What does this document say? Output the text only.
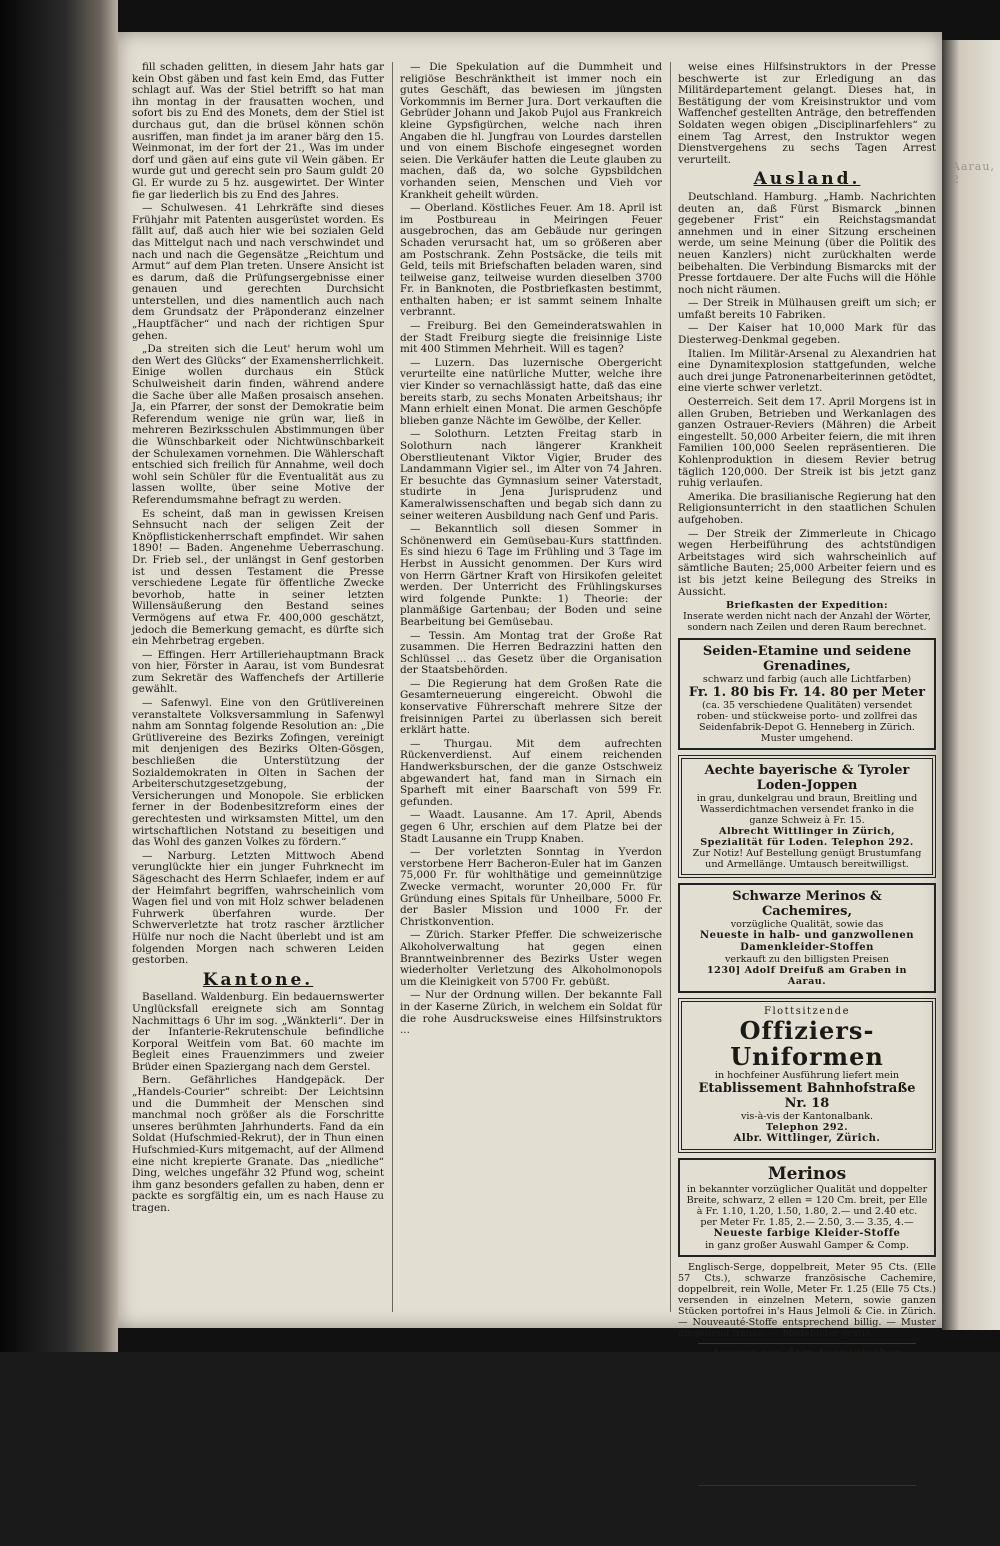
fill schaden gelitten, in diesem Jahr hats gar kein Obst gäben und fast kein Emd, das Futter schlagt auf. Was der Stiel betrifft so hat man ihn montag in der frausatten wochen, und sofort bis zu End des Monets, dem der Stiel ist durchaus gut, dan die brüsel können schön ausriffen, man findet ja im araner bärg den 15. Weinmonat, im der fort der 21., Was im under dorf und gäen auf eins gute vil Wein gäben. Er wurde gut und gerecht sein pro Saum guldt 20 Gl. Er wurde zu 5 hz. ausgewirtet. Der Winter fie gar liederlich bis zu End des Jahres.

— Schulwesen. 41 Lehrkräfte sind dieses Frühjahr mit Patenten ausgerüstet worden. Es fällt auf, daß auch hier wie bei sozialen Geld das Mittelgut nach und nach verschwindet und nach und nach die Gegensätze „Reichtum und Armut“ auf dem Plan treten. Unsere Ansicht ist es darum, daß die Prüfungsergebnisse einer genauen und gerechten Durchsicht unterstellen, und dies namentlich auch nach dem Grundsatz der Präponderanz einzelner „Hauptfächer“ und nach der richtigen Spur gehen.

„Da streiten sich die Leut' herum wohl um den Wert des Glücks“ der Examensherrlichkeit. Einige wollen durchaus ein Stück Schulweisheit darin finden, während andere die Sache über alle Maßen prosaisch ansehen. Ja, ein Pfarrer, der sonst der Demokratie beim Referendum wenige nie grün war, ließ in mehreren Bezirksschulen Abstimmungen über die Wünschbarkeit oder Nichtwünschbarkeit der Schulexamen vornehmen. Die Wählerschaft entschied sich freilich für Annahme, weil doch wohl sein Schüler für die Eventualität aus zu lassen wollte, über seine Motive der Referendumsmahne befragt zu werden.

Es scheint, daß man in gewissen Kreisen Sehnsucht nach der seligen Zeit der Knöpflistickenherrschaft empfindet. Wir sahen 1890! — Baden. Angenehme Ueberraschung. Dr. Frieb sel., der unlängst in Genf gestorben ist und dessen Testament die Presse verschiedene Legate für öffentliche Zwecke bevorhob, hatte in seiner letzten Willensäußerung den Bestand seines Vermögens auf etwa Fr. 400,000 geschätzt, jedoch die Bemerkung gemacht, es dürfte sich ein Mehrbetrag ergeben.

— Effingen. Herr Artilleriehauptmann Brack von hier, Förster in Aarau, ist vom Bundesrat zum Sekretär des Waffenchefs der Artillerie gewählt.

— Safenwyl. Eine von den Grütlivereinen veranstaltete Volksversammlung in Safenwyl nahm am Sonntag folgende Resolution an: „Die Grütlivereine des Bezirks Zofingen, vereinigt mit denjenigen des Bezirks Olten-Gösgen, beschließen die Unterstützung der Sozialdemokraten in Olten in Sachen der Arbeiterschutzgesetzgebung, der Versicherungen und Monopole. Sie erblicken ferner in der Bodenbesitzreform eines der gerechtesten und wirksamsten Mittel, um den wirtschaftlichen Notstand zu beseitigen und das Wohl des ganzen Volkes zu fördern.“

— Narburg. Letzten Mittwoch Abend verunglückte hier ein junger Fuhrknecht im Sägeschacht des Herrn Schlaefer, indem er auf der Heimfahrt begriffen, wahrscheinlich vom Wagen fiel und von mit Holz schwer beladenen Fuhrwerk überfahren wurde. Der Schwerverletzte hat trotz rascher ärztlicher Hülfe nur noch die Nacht überlebt und ist am folgenden Morgen nach schweren Leiden gestorben.

Kantone.

Baselland. Waldenburg. Ein bedauernswerter Unglücksfall ereignete sich am Sonntag Nachmittags 6 Uhr im sog. „Wänkterli“. Der in der Infanterie-Rekrutenschule befindliche Korporal Weitfein vom Bat. 60 machte im Begleit eines Frauenzimmers und zweier Brüder einen Spaziergang nach dem Gerstel.

Bern. Gefährliches Handgepäck. Der „Handels-Courier“ schreibt: Der Leichtsinn und die Dummheit der Menschen sind manchmal noch größer als die Forschritte unseres berühmten Jahrhunderts. Fand da ein Soldat (Hufschmied-Rekrut), der in Thun einen Hufschmied-Kurs mitgemacht, auf der Allmend eine nicht krepierte Granate. Das „niedliche“ Ding, welches ungefähr 32 Pfund wog, scheint ihm ganz besonders gefallen zu haben, denn er packte es sorgfältig ein, um es nach Hause zu tragen.

— Die Spekulation auf die Dummheit und religiöse Beschränktheit ist immer noch ein gutes Geschäft, das bewiesen im jüngsten Vorkommnis im Berner Jura. Dort verkauften die Gebrüder Johann und Jakob Pujol aus Frankreich kleine Gypsfigürchen, welche nach ihren Angaben die hl. Jungfrau von Lourdes darstellen und von einem Bischofe eingesegnet worden seien. Die Verkäufer hatten die Leute glauben zu machen, daß da, wo solche Gypsbildchen vorhanden seien, Menschen und Vieh vor Krankheit geheilt würden.

— Oberland. Köstliches Feuer. Am 18. April ist im Postbureau in Meiringen Feuer ausgebrochen, das am Gebäude nur geringen Schaden verursacht hat, um so größeren aber am Postschrank. Zehn Postsäcke, die teils mit Geld, teils mit Briefschaften beladen waren, sind teilweise ganz, teilweise wurden dieselben 3700 Fr. in Banknoten, die Postbriefkasten bestimmt, enthalten haben; er ist sammt seinem Inhalte verbrannt.

— Freiburg. Bei den Gemeinderatswahlen in der Stadt Freiburg siegte die freisinnige Liste mit 400 Stimmen Mehrheit. Will es tagen?

— Luzern. Das luzernische Obergericht verurteilte eine natürliche Mutter, welche ihre vier Kinder so vernachlässigt hatte, daß das eine bereits starb, zu sechs Monaten Arbeitshaus; ihr Mann erhielt einen Monat. Die armen Geschöpfe blieben ganze Nächte im Gewölbe, der Keller.

— Solothurn. Letzten Freitag starb in Solothurn nach längerer Krankheit Oberstlieutenant Viktor Vigier, Bruder des Landammann Vigier sel., im Alter von 74 Jahren. Er besuchte das Gymnasium seiner Vaterstadt, studirte in Jena Jurisprudenz und Kameralwissenschaften und begab sich dann zu seiner weiteren Ausbildung nach Genf und Paris.

— Bekanntlich soll diesen Sommer in Schönenwerd ein Gemüsebau-Kurs stattfinden. Es sind hiezu 6 Tage im Frühling und 3 Tage im Herbst in Aussicht genommen. Der Kurs wird von Herrn Gärtner Kraft von Hirsikofen geleitet werden. Der Unterricht des Frühlingskurses wird folgende Punkte: 1) Theorie: der planmäßige Gartenbau; der Boden und seine Bearbeitung bei Gemüsebau.

— Tessin. Am Montag trat der Große Rat zusammen. Die Herren Bedrazzini hatten den Schlüssel ... das Gesetz über die Organisation der Staatsbehörden.

— Die Regierung hat dem Großen Rate die Gesamterneuerung eingereicht. Obwohl die konservative Führerschaft mehrere Sitze der freisinnigen Partei zu überlassen sich bereit erklärt hatte.

— Thurgau. Mit dem aufrechten Rückenverdienst. Auf einem reichenden Handwerksburschen, der die ganze Ostschweiz abgewandert hat, fand man in Sirnach ein Sparheft mit einer Baarschaft von 599 Fr. gefunden.

— Waadt. Lausanne. Am 17. April, Abends gegen 6 Uhr, erschien auf dem Platze bei der Stadt Lausanne ein Trupp Knaben.

— Der vorletzten Sonntag in Yverdon verstorbene Herr Bacheron-Euler hat im Ganzen 75,000 Fr. für wohlthätige und gemeinnützige Zwecke vermacht, worunter 20,000 Fr. für Gründung eines Spitals für Unheilbare, 5000 Fr. der Basler Mission und 1000 Fr. der Christkonvention.

— Zürich. Starker Pfeffer. Die schweizerische Alkoholverwaltung hat gegen einen Branntweinbrenner des Bezirks Uster wegen wiederholter Verletzung des Alkoholmonopols um die Kleinigkeit von 5700 Fr. gebüßt.

— Nur der Ordnung willen. Der bekannte Fall in der Kaserne Zürich, in welchem ein Soldat für die rohe Ausdrucksweise eines Hilfsinstruktors ...

weise eines Hilfsinstruktors in der Presse beschwerte ist zur Erledigung an das Militärdepartement gelangt. Dieses hat, in Bestätigung der vom Kreisinstruktor und vom Waffenchef gestellten Anträge, den betreffenden Soldaten wegen obigen „Disciplinarfehlers“ zu einem Tag Arrest, den Instruktor wegen Dienstvergehens zu sechs Tagen Arrest verurteilt.

Ausland.

Deutschland. Hamburg. „Hamb. Nachrichten deuten an, daß Fürst Bismarck „binnen gegebener Frist“ ein Reichstagsmandat annehmen und in einer Sitzung erscheinen werde, um seine Meinung (über die Politik des neuen Kanzlers) nicht zurückhalten werde beibehalten. Die Verbindung Bismarcks mit der Presse fortdauere. Der alte Fuchs will die Höhle noch nicht räumen.

— Der Streik in Mülhausen greift um sich; er umfaßt bereits 10 Fabriken.

— Der Kaiser hat 10,000 Mark für das Diesterweg-Denkmal gegeben.

Italien. Im Militär-Arsenal zu Alexandrien hat eine Dynamitexplosion stattgefunden, welche auch drei junge Patronenarbeiterinnen getödtet, eine vierte schwer verletzt.

Oesterreich. Seit dem 17. April Morgens ist in allen Gruben, Betrieben und Werkanlagen des ganzen Ostrauer-Reviers (Mähren) die Arbeit eingestellt. 50,000 Arbeiter feiern, die mit ihren Familien 100,000 Seelen repräsentieren. Die Kohlenproduktion in diesem Revier betrug täglich 120,000. Der Streik ist bis jetzt ganz ruhig verlaufen.

Amerika. Die brasilianische Regierung hat den Religionsunterricht in den staatlichen Schulen aufgehoben.

— Der Streik der Zimmerleute in Chicago wegen Herbeiführung des achtstündigen Arbeitstages wird sich wahrscheinlich auf sämtliche Bauten; 25,000 Arbeiter feiern und es ist bis jetzt keine Beilegung des Streiks in Aussicht.

Briefkasten der Expedition:
Inserate werden nicht nach der Anzahl der Wörter, sondern nach Zeilen und deren Raum berechnet.
Seiden-Etamine und seidene Grenadines,
schwarz und farbig (auch alle Lichtfarben)
Fr. 1. 80 bis Fr. 14. 80 per Meter
(ca. 35 verschiedene Qualitäten) versendet roben- und stückweise porto- und zollfrei das Seidenfabrik-Depot G. Henneberg in Zürich. Muster umgehend.
Aechte bayerische & Tyroler Loden-Joppen
in grau, dunkelgrau und braun, Breitling und Wasserdichtmachen versendet franko in die ganze Schweiz à Fr. 15.
Albrecht Wittlinger in Zürich, Spezialität für Loden. Telephon 292.
Zur Notiz! Auf Bestellung genügt Brustumfang und Armellänge. Umtausch bereitwilligst.
Schwarze Merinos & Cachemires,
vorzügliche Qualität, sowie das
Neueste in halb- und ganzwollenen Damenkleider-Stoffen
verkauft zu den billigsten Preisen
1230] Adolf Dreifuß am Graben in Aarau.
Flottsitzende
Offiziers-Uniformen
in hochfeiner Ausführung liefert mein
Etablissement Bahnhofstraße Nr. 18
vis-à-vis der Kantonalbank.
Telephon 292.
Albr. Wittlinger, Zürich.
Merinos
in bekannter vorzüglicher Qualität und doppelter Breite, schwarz, 2 ellen = 120 Cm. breit, per Elle à Fr. 1.10, 1.20, 1.50, 1.80, 2.— und 2.40 etc.
per Meter Fr. 1.85, 2.— 2.50, 3.— 3.35, 4.—
Neueste farbige Kleider-Stoffe
in ganz großer Auswahl Gamper & Comp.

Englisch-Serge, doppelbreit, Meter 95 Cts. (Elle 57 Cts.), schwarze französische Cachemire, doppelbreit, rein Wolle, Meter Fr. 1.25 (Elle 75 Cts.) versenden in einzelnen Metern, sowie ganzen Stücken portofrei in's Haus Jelmoli & Cie. in Zürich. — Nouveauté-Stoffe entsprechend billig. — Muster umgehend franko. — Modebilder gratis.

Auszug aus dem Aargauischen Amtsblatt.
Vom 19. April 1890.

Geltstage. Aarau. Brack-Häusler, Jak., Jakob, von Effingen, in Densbüren. Eingaben 24. Mai. Baden. Meier, Jos., Joh., in Ennetbaden. Eingaben 31. Mai. Bremgarten. Huber, Gottlieb, Wirt, Bindhauer, von Bremgarten. Eingaben 19. Mai. Laufenburg. Gerber, Rud. Ferd., in Sisseln. Eingaben 15. Mai. Kulm. Kanzler, Jakob, Schreiner, von Leimbach. Eingaben 19. Mai. Lenzburg. Widmer, Gottlieb, Zimmermann, von Seon. Eingaben 21. Mai.

Witterungsbericht.

In Zentraleuropa herrscht Ruhe und Schwüle, mit unregelmäßiger Richtung und bei bewegtem Himmel. Für heute steht eher heitere, trockene und nicht unfreundliche Witterung in Aussicht.

Aarau, 2
